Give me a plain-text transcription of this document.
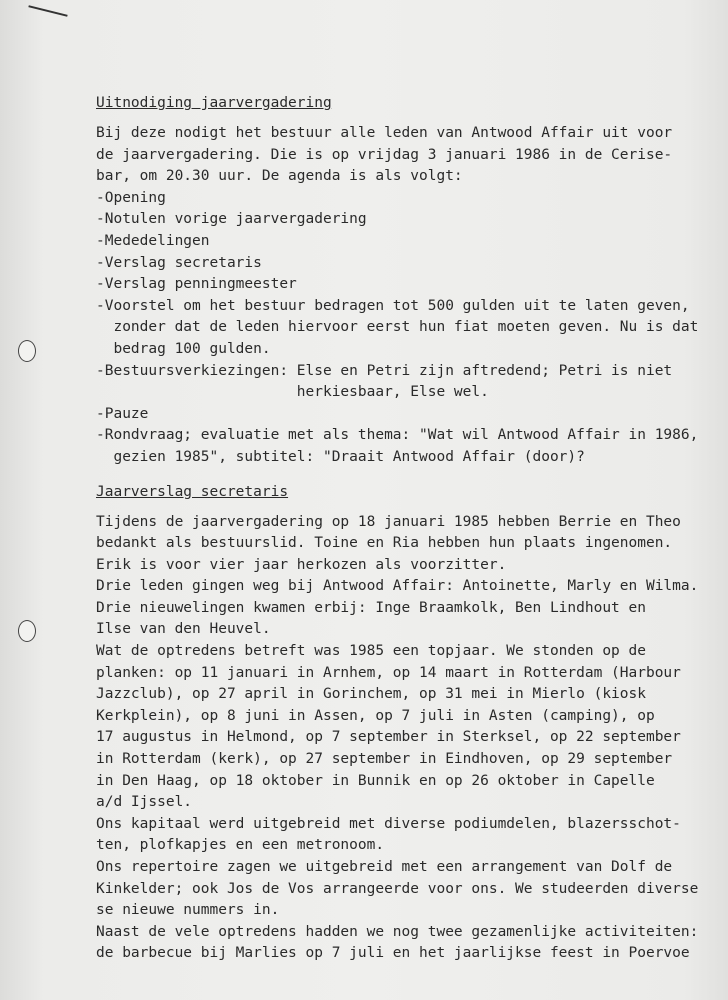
Uitnodiging jaarvergadering
Bij deze nodigt het bestuur alle leden van Antwood Affair uit voor
de jaarvergadering. Die is op vrijdag 3 januari 1986 in de Cerise-
bar, om 20.30 uur. De agenda is als volgt:
-Opening
-Notulen vorige jaarvergadering
-Mededelingen
-Verslag secretaris
-Verslag penningmeester
-Voorstel om het bestuur bedragen tot 500 gulden uit te laten geven,
zonder dat de leden hiervoor eerst hun fiat moeten geven. Nu is dat
bedrag 100 gulden.
-Bestuursverkiezingen: Else en Petri zijn aftredend; Petri is niet
herkiesbaar, Else wel.
-Pauze
-Rondvraag; evaluatie met als thema: "Wat wil Antwood Affair in 1986,
gezien 1985", subtitel: "Draait Antwood Affair (door)?
Jaarverslag secretaris
Tijdens de jaarvergadering op 18 januari 1985 hebben Berrie en Theo
bedankt als bestuurslid. Toine en Ria hebben hun plaats ingenomen.
Erik is voor vier jaar herkozen als voorzitter.
Drie leden gingen weg bij Antwood Affair: Antoinette, Marly en Wilma.
Drie nieuwelingen kwamen erbij: Inge Braamkolk, Ben Lindhout en
Ilse van den Heuvel.
Wat de optredens betreft was 1985 een topjaar. We stonden op de
planken: op 11 januari in Arnhem, op 14 maart in Rotterdam (Harbour
Jazzclub), op 27 april in Gorinchem, op 31 mei in Mierlo (kiosk
Kerkplein), op 8 juni in Assen, op 7 juli in Asten (camping), op
17 augustus in Helmond, op 7 september in Sterksel, op 22 september
in Rotterdam (kerk), op 27 september in Eindhoven, op 29 september
in Den Haag, op 18 oktober in Bunnik en op 26 oktober in Capelle
a/d Ijssel.
Ons kapitaal werd uitgebreid met diverse podiumdelen, blazersschot-
ten, plofkapjes en een metronoom.
Ons repertoire zagen we uitgebreid met een arrangement van Dolf de
Kinkelder; ook Jos de Vos arrangeerde voor ons. We studeerden diverse
se nieuwe nummers in.
Naast de vele optredens hadden we nog twee gezamenlijke activiteiten:
de barbecue bij Marlies op 7 juli en het jaarlijkse feest in Poervoe
